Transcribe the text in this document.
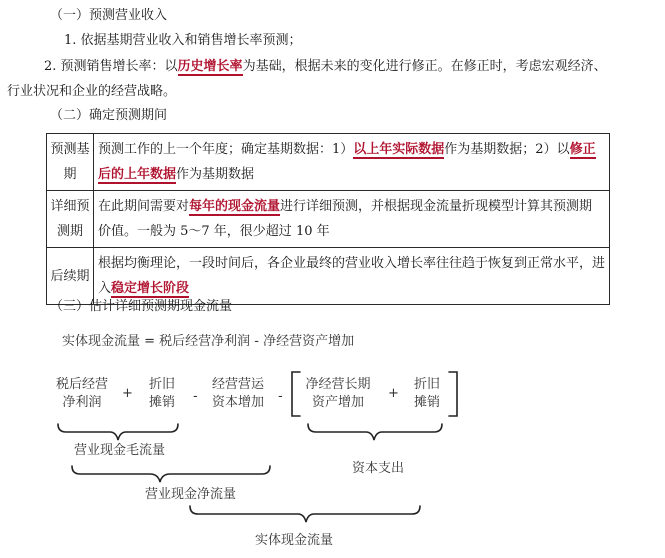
（一）预测营业收入
1. 依据基期营业收入和销售增长率预测；
2. 预测销售增长率：以历史增长率为基础，根据未来的变化进行修正。在修正时，考虑宏观经济、
行业状况和企业的经营战略。
（二）确定预测期间
预测基期	预测工作的上一个年度；确定基期数据：1）以上年实际数据作为基期数据；2）以修正后的上年数据作为基期数据
详细预测期	在此期间需要对每年的现金流量进行详细预测，并根据现金流量折现模型计算其预测期价值。一般为 5～7 年，很少超过 10 年
后续期	根据均衡理论，一段时间后，各企业最终的营业收入增长率往往趋于恢复到正常水平，进入稳定增长阶段
（三）估计详细预测期现金流量
实体现金流量 = 税后经营净利润 - 净经营资产增加
税后经营净利润
+
折旧摊销 -
经营营运资本增加 -
净经营长期资产增加
+
折旧摊销
营业现金毛流量
资本支出
营业现金净流量
实体现金流量
